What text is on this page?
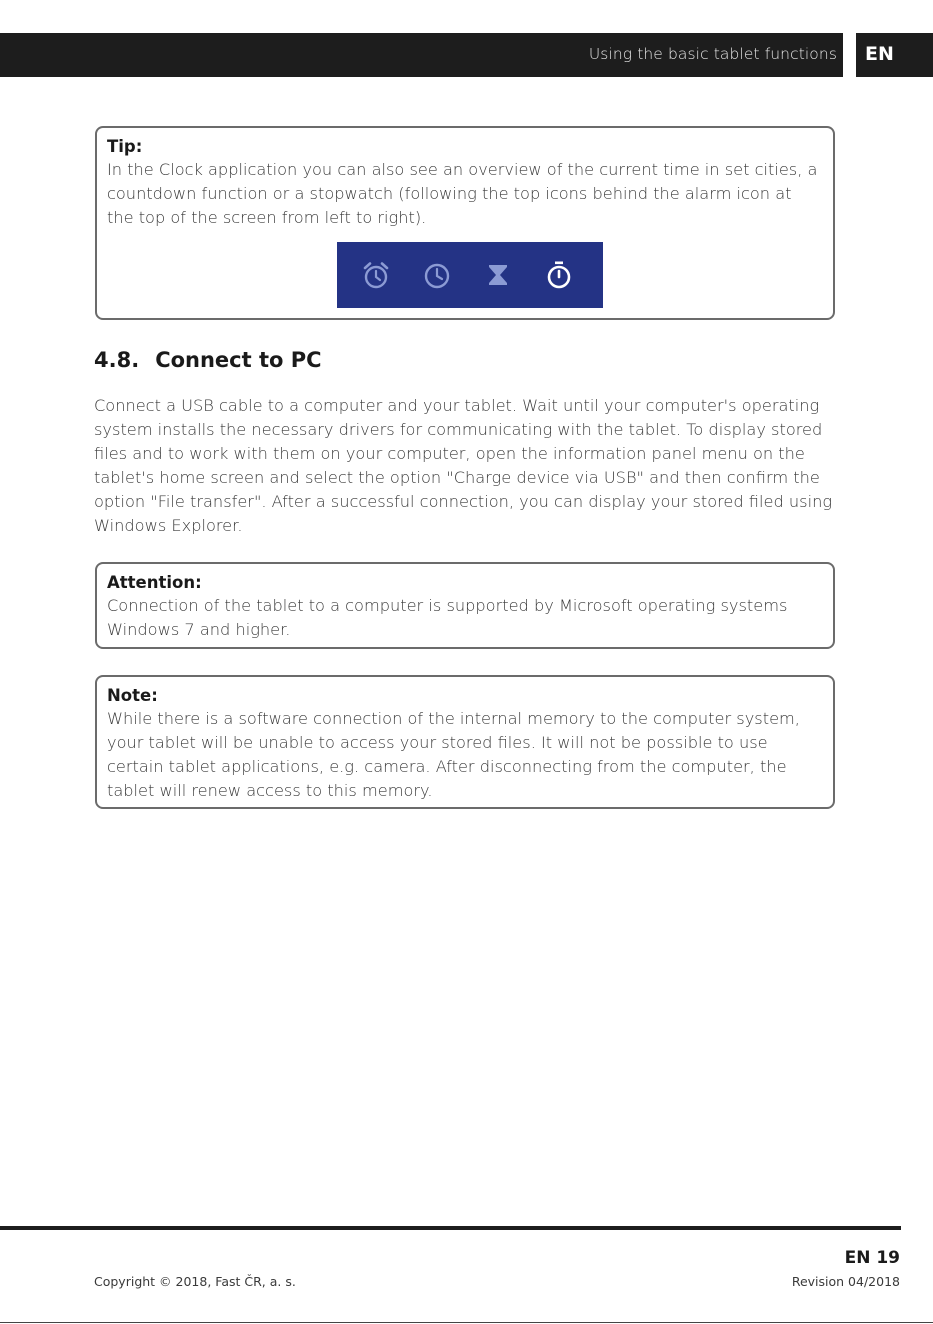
Using the basic tablet functions EN
Tip:
In the Clock application you can also see an overview of the current time in set cities, a countdown function or a stopwatch (following the top icons behind the alarm icon at the top of the screen from left to right).
4.8. Connect to PC

Connect a USB cable to a computer and your tablet. Wait until your computer's operating system installs the necessary drivers for communicating with the tablet. To display stored files and to work with them on your computer, open the information panel menu on the tablet's home screen and select the option "Charge device via USB" and then confirm the option "File transfer". After a successful connection, you can display your stored filed using Windows Explorer.

Attention:
Connection of the tablet to a computer is supported by Microsoft operating systems Windows 7 and higher.
Note:
While there is a software connection of the internal memory to the computer system, your tablet will be unable to access your stored files. It will not be possible to use certain tablet applications, e.g. camera. After disconnecting from the computer, the tablet will renew access to this memory.
EN 19
Copyright © 2018, Fast ČR, a. s.	Revision 04/2018
